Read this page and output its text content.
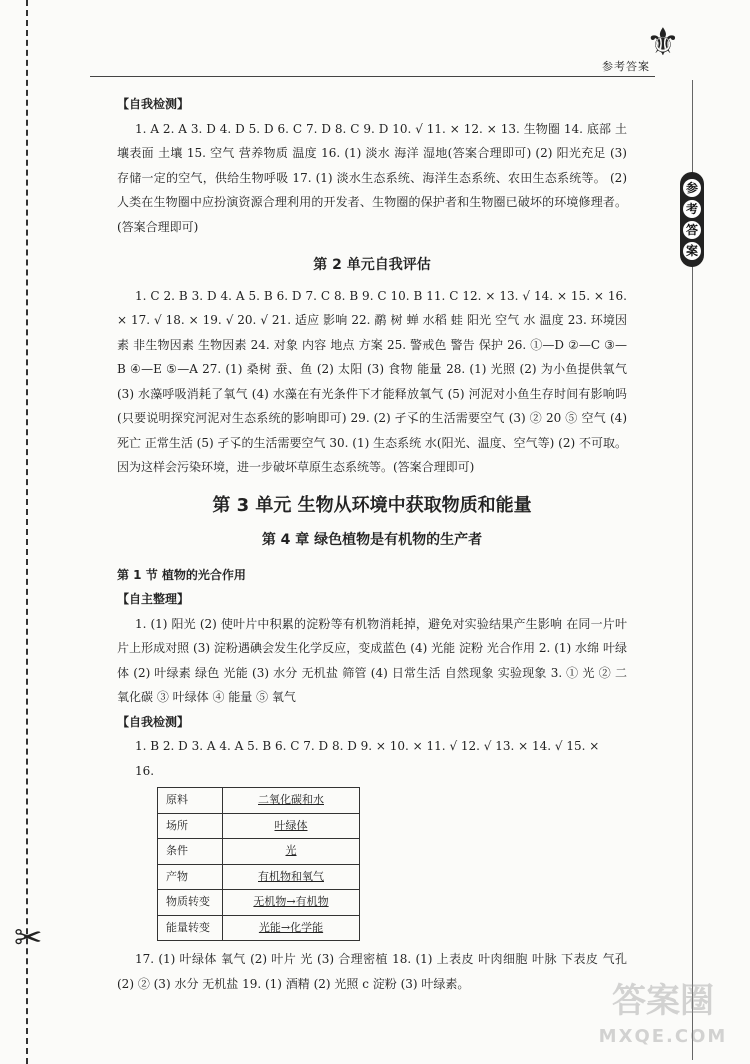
✂
⚜
参考答案
参
考
答
案
【自我检测】

1. A 2. A 3. D 4. D 5. D 6. C 7. D 8. C 9. D 10. √ 11. × 12. × 13. 生物圈 14. 底部 土壤表面 土壤 15. 空气 营养物质 温度 16. (1) 淡水 海洋 湿地(答案合理即可) (2) 阳光充足 (3) 存储一定的空气，供给生物呼吸 17. (1) 淡水生态系统、海洋生态系统、农田生态系统等。 (2) 人类在生物圈中应扮演资源合理利用的开发者、生物圈的保护者和生物圈已破坏的环境修理者。(答案合理即可)

第 2 单元自我评估

1. C 2. B 3. D 4. A 5. B 6. D 7. C 8. B 9. C 10. B 11. C 12. × 13. √ 14. × 15. × 16. × 17. √ 18. × 19. √ 20. √ 21. 适应 影响 22. 鹬 树 蝉 水稻 蛙 阳光 空气 水 温度 23. 环境因素 非生物因素 生物因素 24. 对象 内容 地点 方案 25. 警戒色 警告 保护 26. ①—D ②—C ③—B ④—E ⑤—A 27. (1) 桑树 蚕、鱼 (2) 太阳 (3) 食物 能量 28. (1) 光照 (2) 为小鱼提供氧气 (3) 水藻呼吸消耗了氧气 (4) 水藻在有光条件下才能释放氧气 (5) 河泥对小鱼生存时间有影响吗(只要说明探究河泥对生态系统的影响即可) 29. (2) 孑孓的生活需要空气 (3) ② 20 ⑤ 空气 (4) 死亡 正常生活 (5) 孑孓的生活需要空气 30. (1) 生态系统 水(阳光、温度、空气等) (2) 不可取。因为这样会污染环境，进一步破坏草原生态系统等。(答案合理即可)

第 3 单元 生物从环境中获取物质和能量
第 4 章 绿色植物是有机物的生产者
第 1 节 植物的光合作用
【自主整理】

1. (1) 阳光 (2) 使叶片中积累的淀粉等有机物消耗掉，避免对实验结果产生影响 在同一片叶片上形成对照 (3) 淀粉遇碘会发生化学反应，变成蓝色 (4) 光能 淀粉 光合作用 2. (1) 水绵 叶绿体 (2) 叶绿素 绿色 光能 (3) 水分 无机盐 筛管 (4) 日常生活 自然现象 实验现象 3. ① 光 ② 二氧化碳 ③ 叶绿体 ④ 能量 ⑤ 氧气

【自我检测】

1. B 2. D 3. A 4. A 5. B 6. C 7. D 8. D 9. × 10. × 11. √ 12. √ 13. × 14. √ 15. ×

16.
原料	二氧化碳和水
场所	叶绿体
条件	光
产物	有机物和氧气
物质转变	无机物→有机物
能量转变	光能→化学能

17. (1) 叶绿体 氧气 (2) 叶片 光 (3) 合理密植 18. (1) 上表皮 叶肉细胞 叶脉 下表皮 气孔 (2) ② (3) 水分 无机盐 19. (1) 酒精 (2) 光照 c 淀粉 (3) 叶绿素。	答案圈
MXQE.COM
